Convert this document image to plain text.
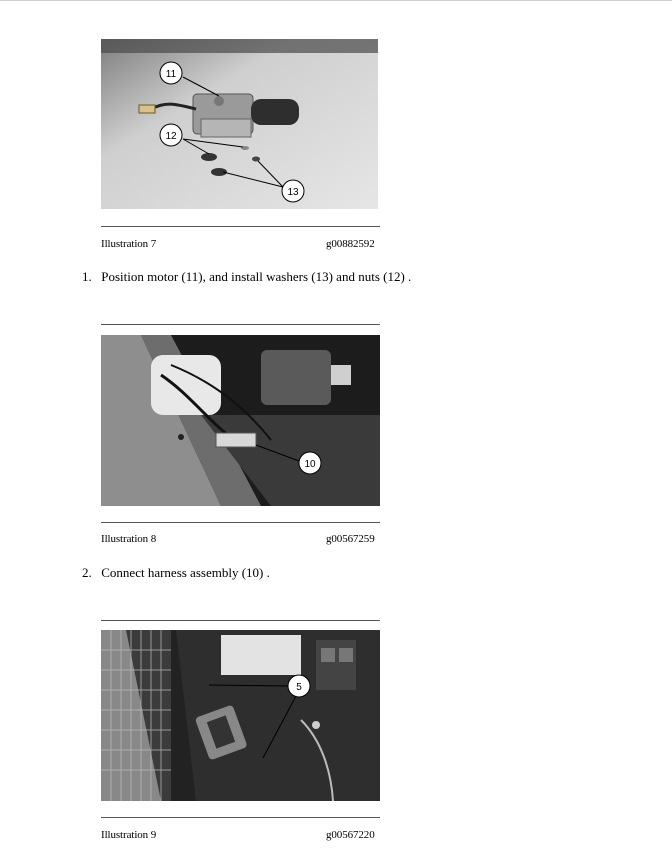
11
12
13
Illustration 7	g00882592
1. Position motor (11), and install washers (13) and nuts (12) .
10
Illustration 8	g00567259
2. Connect harness assembly (10) .
5
Illustration 9	g00567220
